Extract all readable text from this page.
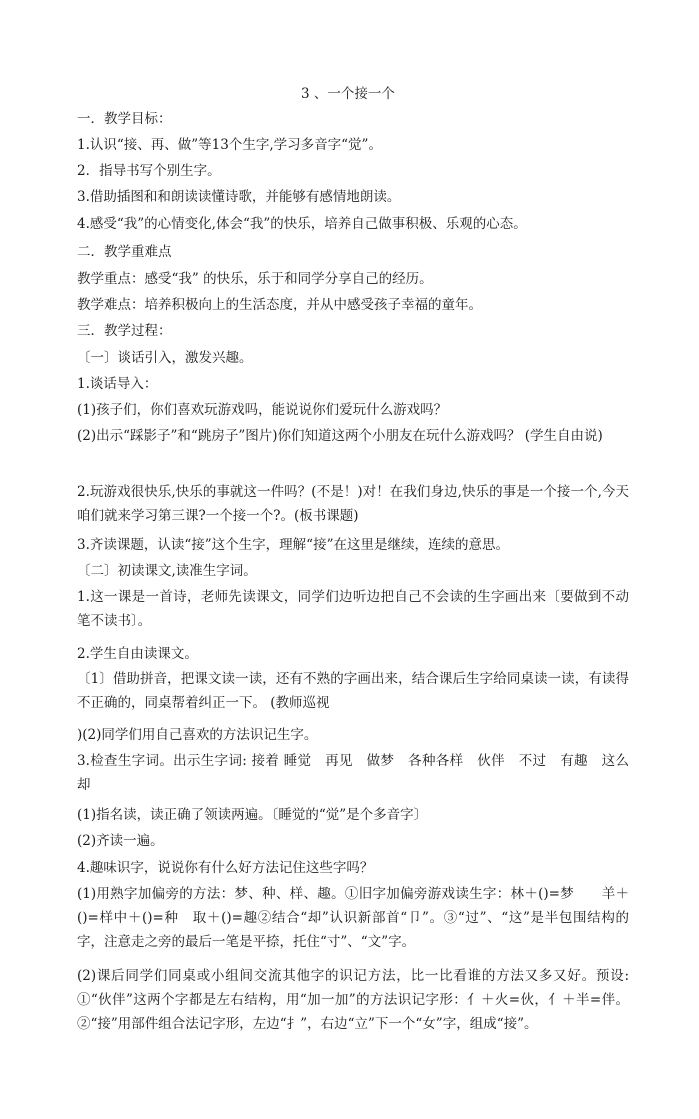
3 、一个接一个
一．教学目标：
1.认识“接、再、做”等13个生字,学习多音字“觉”。
2．指导书写个别生字。
3.借助插图和和朗读读懂诗歌，并能够有感情地朗读。
4.感受“我”的心情变化,体会“我”的快乐，培养自己做事积极、乐观的心态。
二．教学重难点
教学重点：感受“我” 的快乐，乐于和同学分享自己的经历。
教学难点：培养积极向上的生活态度，并从中感受孩子幸福的童年。
三．教学过程：
〔一〕谈话引入，激发兴趣。
1.谈话导入：
(1)孩子们，你们喜欢玩游戏吗，能说说你们爱玩什么游戏吗？
(2)出示“踩影子”和“跳房子”图片)你们知道这两个小朋友在玩什么游戏吗？ (学生自由说)
2.玩游戏很快乐,快乐的事就这一件吗？(不是！)对！在我们身边,快乐的事是一个接一个,今天咱们就来学习第三课?一个接一个?。(板书课题)
3.齐读课题，认读“接”这个生字，理解“接”在这里是继续，连续的意思。
〔二〕初读课文,读准生字词。
1.这一课是一首诗，老师先读课文，同学们边听边把自己不会读的生字画出来〔要做到不动笔不读书〕。
2.学生自由读课文。
〔1〕借助拼音，把课文读一读，还有不熟的字画出来，结合课后生字给同桌读一读，有读得不正确的，同桌帮着纠正一下。 (教师巡视
)(2)同学们用自己喜欢的方法识记生字。
3.检查生字词。出示生字词: 接着 睡觉　再见　做梦　各种各样　伙伴　不过　有趣　这么　却
(1)指名读，读正确了领读两遍。〔睡觉的“觉”是个多音字〕
(2)齐读一遍。
4.趣味识字，说说你有什么好方法记住这些字吗？
(1)用熟字加偏旁的方法：梦、种、样、趣。①旧字加偏旁游戏读生字：林＋()=梦　　羊＋()=样中＋()=种　取＋()=趣②结合“却”认识新部首“卩”。③“过”、“这”是半包围结构的字，注意走之旁的最后一笔是平捺，托住“寸”、“文”字。
(2)课后同学们同桌或小组间交流其他字的识记方法，比一比看谁的方法又多又好。预设: ①“伙伴”这两个字都是左右结构，用“加一加”的方法识记字形：亻＋火=伙，亻＋半=伴。②“接”用部件组合法记字形，左边“扌”，右边“立”下一个“女”字，组成“接”。
